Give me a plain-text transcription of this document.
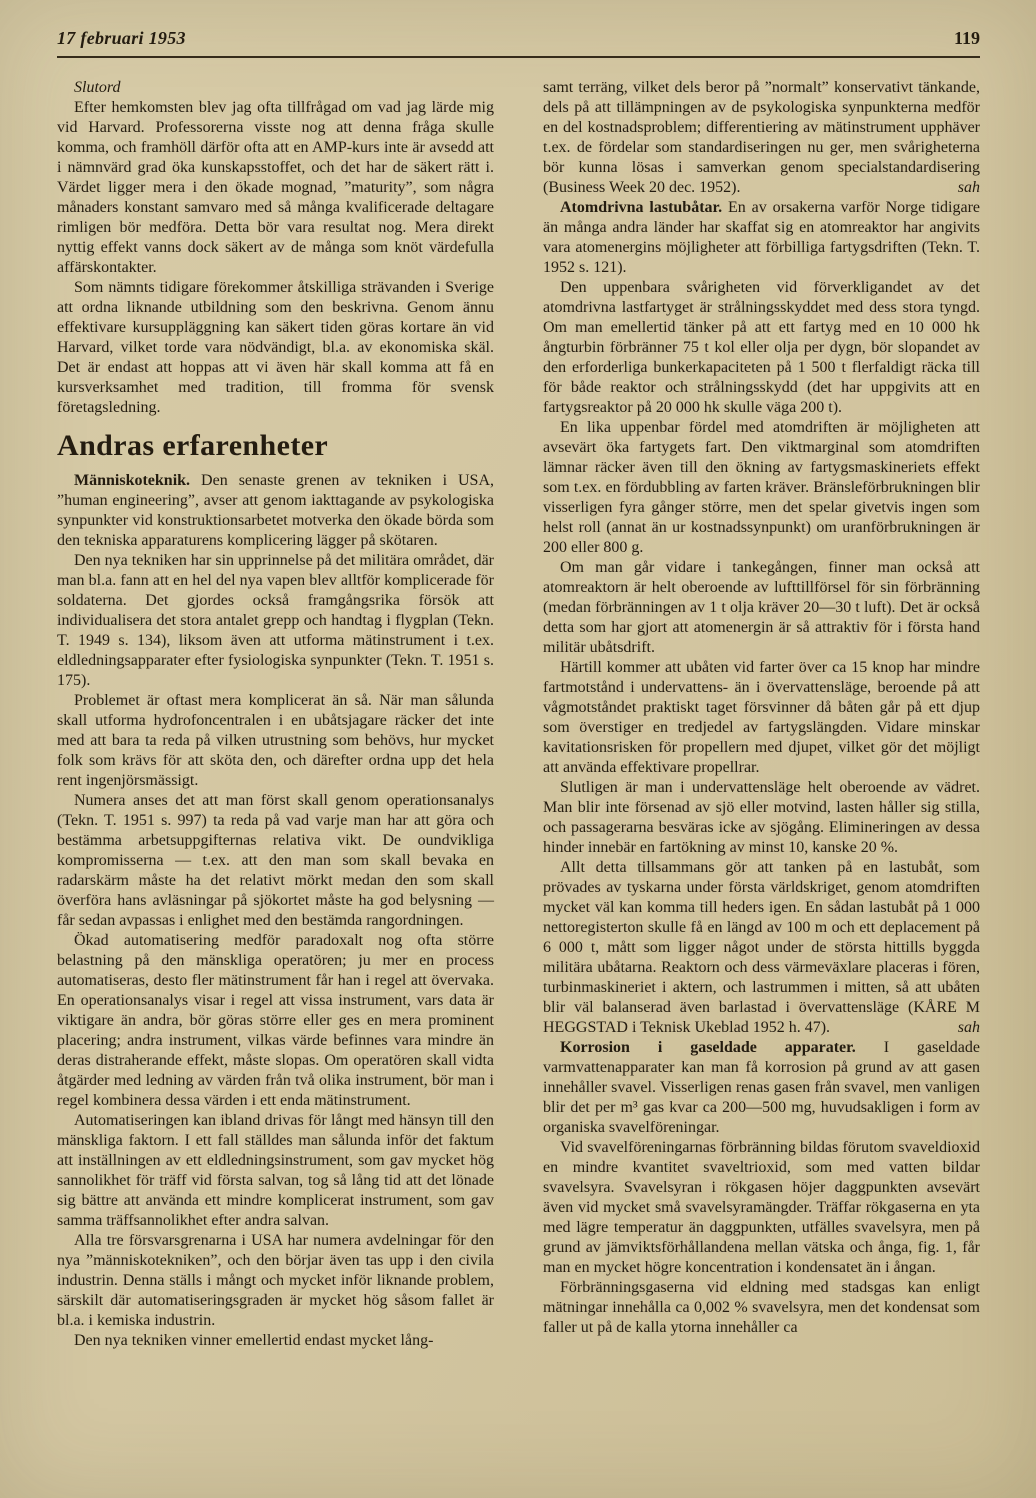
17 februari 1953	119

Slutord

Efter hemkomsten blev jag ofta tillfrågad om vad jag lärde mig vid Harvard. Professorerna visste nog att denna fråga skulle komma, och framhöll därför ofta att en AMP-kurs inte är avsedd att i nämnvärd grad öka kunskapsstoffet, och det har de säkert rätt i. Värdet ligger mera i den ökade mognad, ”maturity”, som några månaders konstant samvaro med så många kvalificerade deltagare rimligen bör medföra. Detta bör vara resultat nog. Mera direkt nyttig effekt vanns dock säkert av de många som knöt värdefulla affärskontakter.

Som nämnts tidigare förekommer åtskilliga strävanden i Sverige att ordna liknande utbildning som den beskrivna. Genom ännu effektivare kursuppläggning kan säkert tiden göras kortare än vid Harvard, vilket torde vara nödvändigt, bl.a. av ekonomiska skäl. Det är endast att hoppas att vi även här skall komma att få en kursverksamhet med tradition, till fromma för svensk företagsledning.

Andras erfarenheter

Människoteknik. Den senaste grenen av tekniken i USA, ”human engineering”, avser att genom iakttagande av psykologiska synpunkter vid konstruktionsarbetet motverka den ökade börda som den tekniska apparaturens komplicering lägger på skötaren.

Den nya tekniken har sin upprinnelse på det militära området, där man bl.a. fann att en hel del nya vapen blev alltför komplicerade för soldaterna. Det gjordes också framgångsrika försök att individualisera det stora antalet grepp och handtag i flygplan (Tekn. T. 1949 s. 134), liksom även att utforma mätinstrument i t.ex. eldledningsapparater efter fysiologiska synpunkter (Tekn. T. 1951 s. 175).

Problemet är oftast mera komplicerat än så. När man sålunda skall utforma hydrofoncentralen i en ubåtsjagare räcker det inte med att bara ta reda på vilken utrustning som behövs, hur mycket folk som krävs för att sköta den, och därefter ordna upp det hela rent ingenjörsmässigt.

Numera anses det att man först skall genom operationsanalys (Tekn. T. 1951 s. 997) ta reda på vad varje man har att göra och bestämma arbetsuppgifternas relativa vikt. De oundvikliga kompromisserna — t.ex. att den man som skall bevaka en radarskärm måste ha det relativt mörkt medan den som skall överföra hans avläsningar på sjökortet måste ha god belysning — får sedan avpassas i enlighet med den bestämda rangordningen.

Ökad automatisering medför paradoxalt nog ofta större belastning på den mänskliga operatören; ju mer en process automatiseras, desto fler mätinstrument får han i regel att övervaka. En operationsanalys visar i regel att vissa instrument, vars data är viktigare än andra, bör göras större eller ges en mera prominent placering; andra instrument, vilkas värde befinnes vara mindre än deras distraherande effekt, måste slopas. Om operatören skall vidta åtgärder med ledning av värden från två olika instrument, bör man i regel kombinera dessa värden i ett enda mätinstrument.

Automatiseringen kan ibland drivas för långt med hänsyn till den mänskliga faktorn. I ett fall ställdes man sålunda inför det faktum att inställningen av ett eldledningsinstrument, som gav mycket hög sannolikhet för träff vid första salvan, tog så lång tid att det lönade sig bättre att använda ett mindre komplicerat instrument, som gav samma träffsannolikhet efter andra salvan.

Alla tre försvarsgrenarna i USA har numera avdelningar för den nya ”människotekniken”, och den börjar även tas upp i den civila industrin. Denna ställs i mångt och mycket inför liknande problem, särskilt där automatiseringsgraden är mycket hög såsom fallet är bl.a. i kemiska industrin.

Den nya tekniken vinner emellertid endast mycket lång-

samt terräng, vilket dels beror på ”normalt” konservativt tänkande, dels på att tillämpningen av de psykologiska synpunkterna medför en del kostnadsproblem; differentiering av mätinstrument upphäver t.ex. de fördelar som standardiseringen nu ger, men svårigheterna bör kunna lösas i samverkan genom specialstandardisering (Business Week 20 dec. 1952).	sah

Atomdrivna lastubåtar. En av orsakerna varför Norge tidigare än många andra länder har skaffat sig en atomreaktor har angivits vara atomenergins möjligheter att förbilliga fartygsdriften (Tekn. T. 1952 s. 121).

Den uppenbara svårigheten vid förverkligandet av det atomdrivna lastfartyget är strålningsskyddet med dess stora tyngd. Om man emellertid tänker på att ett fartyg med en 10 000 hk ångturbin förbränner 75 t kol eller olja per dygn, bör slopandet av den erforderliga bunkerkapaciteten på 1 500 t flerfaldigt räcka till för både reaktor och strålningsskydd (det har uppgivits att en fartygsreaktor på 20 000 hk skulle väga 200 t).

En lika uppenbar fördel med atomdriften är möjligheten att avsevärt öka fartygets fart. Den viktmarginal som atomdriften lämnar räcker även till den ökning av fartygsmaskineriets effekt som t.ex. en fördubbling av farten kräver. Bränsleförbrukningen blir visserligen fyra gånger större, men det spelar givetvis ingen som helst roll (annat än ur kostnadssynpunkt) om uranförbrukningen är 200 eller 800 g.

Om man går vidare i tankegången, finner man också att atomreaktorn är helt oberoende av lufttillförsel för sin förbränning (medan förbränningen av 1 t olja kräver 20—30 t luft). Det är också detta som har gjort att atomenergin är så attraktiv för i första hand militär ubåtsdrift.

Härtill kommer att ubåten vid farter över ca 15 knop har mindre fartmotstånd i undervattens- än i övervattensläge, beroende på att vågmotståndet praktiskt taget försvinner då båten går på ett djup som överstiger en tredjedel av fartygslängden. Vidare minskar kavitationsrisken för propellern med djupet, vilket gör det möjligt att använda effektivare propellrar.

Slutligen är man i undervattensläge helt oberoende av vädret. Man blir inte försenad av sjö eller motvind, lasten håller sig stilla, och passagerarna besväras icke av sjögång. Elimineringen av dessa hinder innebär en fartökning av minst 10, kanske 20 %.

Allt detta tillsammans gör att tanken på en lastubåt, som prövades av tyskarna under första världskriget, genom atomdriften mycket väl kan komma till heders igen. En sådan lastubåt på 1 000 nettoregisterton skulle få en längd av 100 m och ett deplacement på 6 000 t, mått som ligger något under de största hittills byggda militära ubåtarna. Reaktorn och dess värmeväxlare placeras i fören, turbinmaskineriet i aktern, och lastrummen i mitten, så att ubåten blir väl balanserad även barlastad i övervattensläge (KÅRE M HEGGSTAD i Teknisk Ukeblad 1952 h. 47).	sah

Korrosion i gaseldade apparater. I gaseldade varmvattenapparater kan man få korrosion på grund av att gasen innehåller svavel. Visserligen renas gasen från svavel, men vanligen blir det per m³ gas kvar ca 200—500 mg, huvudsakligen i form av organiska svavelföreningar.

Vid svavelföreningarnas förbränning bildas förutom svaveldioxid en mindre kvantitet svaveltrioxid, som med vatten bildar svavelsyra. Svavelsyran i rökgasen höjer daggpunkten avsevärt även vid mycket små svavelsyramängder. Träffar rökgaserna en yta med lägre temperatur än daggpunkten, utfälles svavelsyra, men på grund av jämviktsförhållandena mellan vätska och ånga, fig. 1, får man en mycket högre koncentration i kondensatet än i ångan.

Förbränningsgaserna vid eldning med stadsgas kan enligt mätningar innehålla ca 0,002 % svavelsyra, men det kondensat som faller ut på de kalla ytorna innehåller ca
